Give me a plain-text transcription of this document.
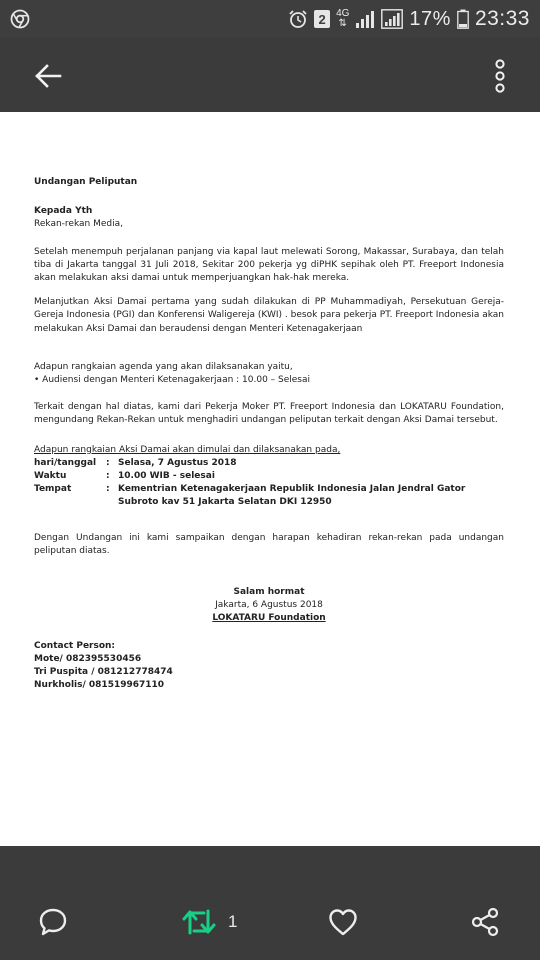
2	4G
⇅	17% 23:33
Undangan Peliputan
Kepada Yth
Rekan-rekan Media,
Setelah menempuh perjalanan panjang via kapal laut melewati Sorong, Makassar, Surabaya, dan telah tiba di Jakarta tanggal 31 Juli 2018, Sekitar 200 pekerja yg diPHK sepihak oleh PT. Freeport Indonesia akan melakukan aksi damai untuk memperjuangkan hak-hak mereka.
Melanjutkan Aksi Damai pertama yang sudah dilakukan di PP Muhammadiyah, Persekutuan Gereja-Gereja Indonesia (PGI) dan Konferensi Waligereja (KWI) . besok para pekerja PT. Freeport Indonesia akan melakukan Aksi Damai dan beraudensi dengan Menteri Ketenagakerjaan
Adapun rangkaian agenda yang akan dilaksanakan yaitu,
• Audiensi dengan Menteri Ketenagakerjaan : 10.00 – Selesai
Terkait dengan hal diatas, kami dari Pekerja Moker PT. Freeport Indonesia dan LOKATARU Foundation, mengundang Rekan-Rekan untuk menghadiri undangan peliputan terkait dengan Aksi Damai tersebut.
Adapun rangkaian Aksi Damai akan dimulai dan dilaksanakan pada,
hari/tanggal	: Selasa, 7 Agustus 2018
Waktu	: 10.00 WIB - selesai
Tempat	: Kementrian Ketenagakerjaan Republik Indonesia Jalan Jendral Gator Subroto kav 51 Jakarta Selatan DKI 12950
Dengan Undangan ini kami sampaikan dengan harapan kehadiran rekan-rekan pada undangan peliputan diatas.
Salam hormat
Jakarta, 6 Agustus 2018
LOKATARU Foundation
Contact Person:
Mote/ 082395530456
Tri Puspita / 081212778474
Nurkholis/ 081519967110
1
